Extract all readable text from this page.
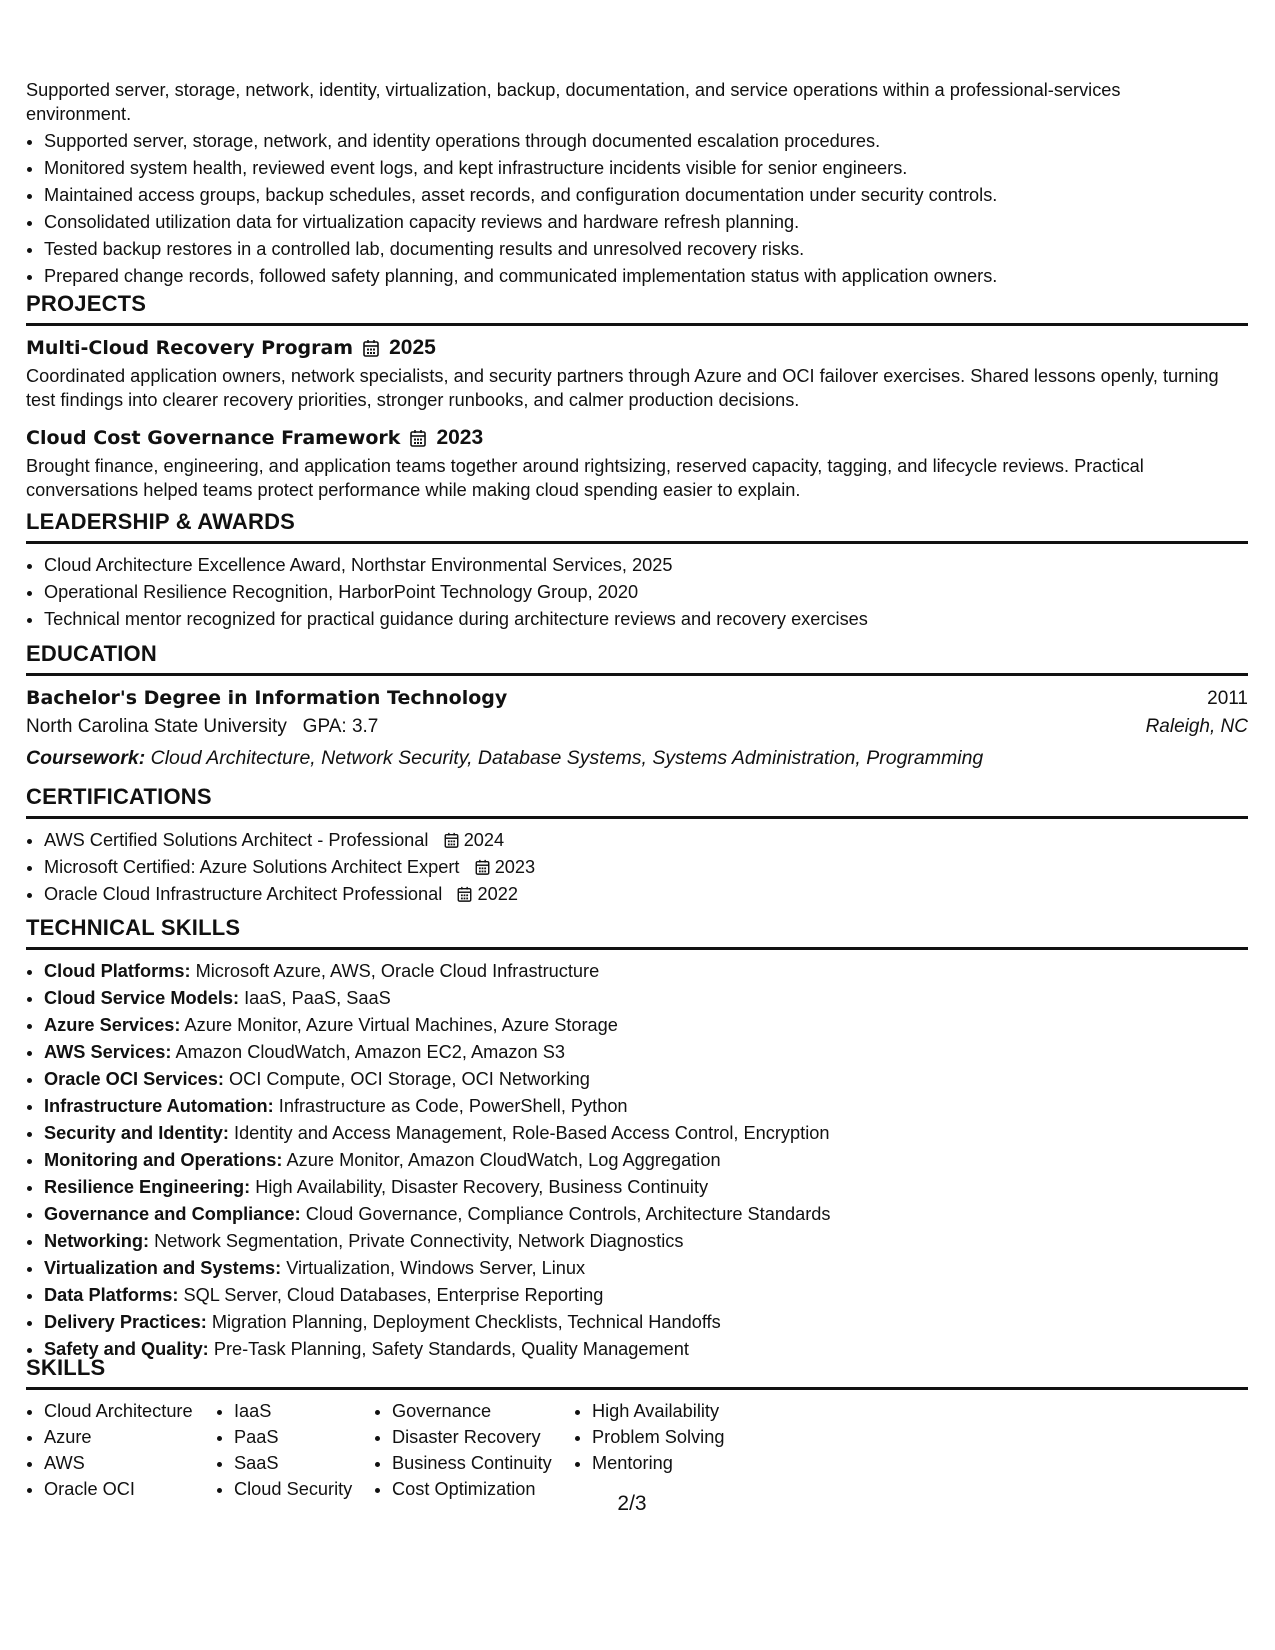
Supported server, storage, network, identity, virtualization, backup, documentation, and service operations within a professional-services environment.
• Supported server, storage, network, and identity operations through documented escalation procedures.
• Monitored system health, reviewed event logs, and kept infrastructure incidents visible for senior engineers.
• Maintained access groups, backup schedules, asset records, and configuration documentation under security controls.
• Consolidated utilization data for virtualization capacity reviews and hardware refresh planning.
• Tested backup restores in a controlled lab, documenting results and unresolved recovery risks.
• Prepared change records, followed safety planning, and communicated implementation status with application owners.
PROJECTS
Multi-Cloud Recovery Program 2025
Coordinated application owners, network specialists, and security partners through Azure and OCI failover exercises. Shared lessons openly, turning test findings into clearer recovery priorities, stronger runbooks, and calmer production decisions.
Cloud Cost Governance Framework 2023
Brought finance, engineering, and application teams together around rightsizing, reserved capacity, tagging, and lifecycle reviews. Practical conversations helped teams protect performance while making cloud spending easier to explain.
LEADERSHIP & AWARDS
• Cloud Architecture Excellence Award, Northstar Environmental Services, 2025
• Operational Resilience Recognition, HarborPoint Technology Group, 2020
• Technical mentor recognized for practical guidance during architecture reviews and recovery exercises
EDUCATION
Bachelor's Degree in Information Technology	2011
North Carolina State University GPA: 3.7	Raleigh, NC
Coursework: Cloud Architecture, Network Security, Database Systems, Systems Administration, Programming
CERTIFICATIONS
• AWS Certified Solutions Architect - Professional 2024
• Microsoft Certified: Azure Solutions Architect Expert 2023
• Oracle Cloud Infrastructure Architect Professional 2022
TECHNICAL SKILLS
• Cloud Platforms: Microsoft Azure, AWS, Oracle Cloud Infrastructure
• Cloud Service Models: IaaS, PaaS, SaaS
• Azure Services: Azure Monitor, Azure Virtual Machines, Azure Storage
• AWS Services: Amazon CloudWatch, Amazon EC2, Amazon S3
• Oracle OCI Services: OCI Compute, OCI Storage, OCI Networking
• Infrastructure Automation: Infrastructure as Code, PowerShell, Python
• Security and Identity: Identity and Access Management, Role-Based Access Control, Encryption
• Monitoring and Operations: Azure Monitor, Amazon CloudWatch, Log Aggregation
• Resilience Engineering: High Availability, Disaster Recovery, Business Continuity
• Governance and Compliance: Cloud Governance, Compliance Controls, Architecture Standards
• Networking: Network Segmentation, Private Connectivity, Network Diagnostics
• Virtualization and Systems: Virtualization, Windows Server, Linux
• Data Platforms: SQL Server, Cloud Databases, Enterprise Reporting
• Delivery Practices: Migration Planning, Deployment Checklists, Technical Handoffs
• Safety and Quality: Pre-Task Planning, Safety Standards, Quality Management
SKILLS
• Cloud Architecture
• Azure
• AWS
• Oracle OCI
• IaaS
• PaaS
• SaaS
• Cloud Security
• Governance
• Disaster Recovery
• Business Continuity
• Cost Optimization
• High Availability
• Problem Solving
• Mentoring
2/3
